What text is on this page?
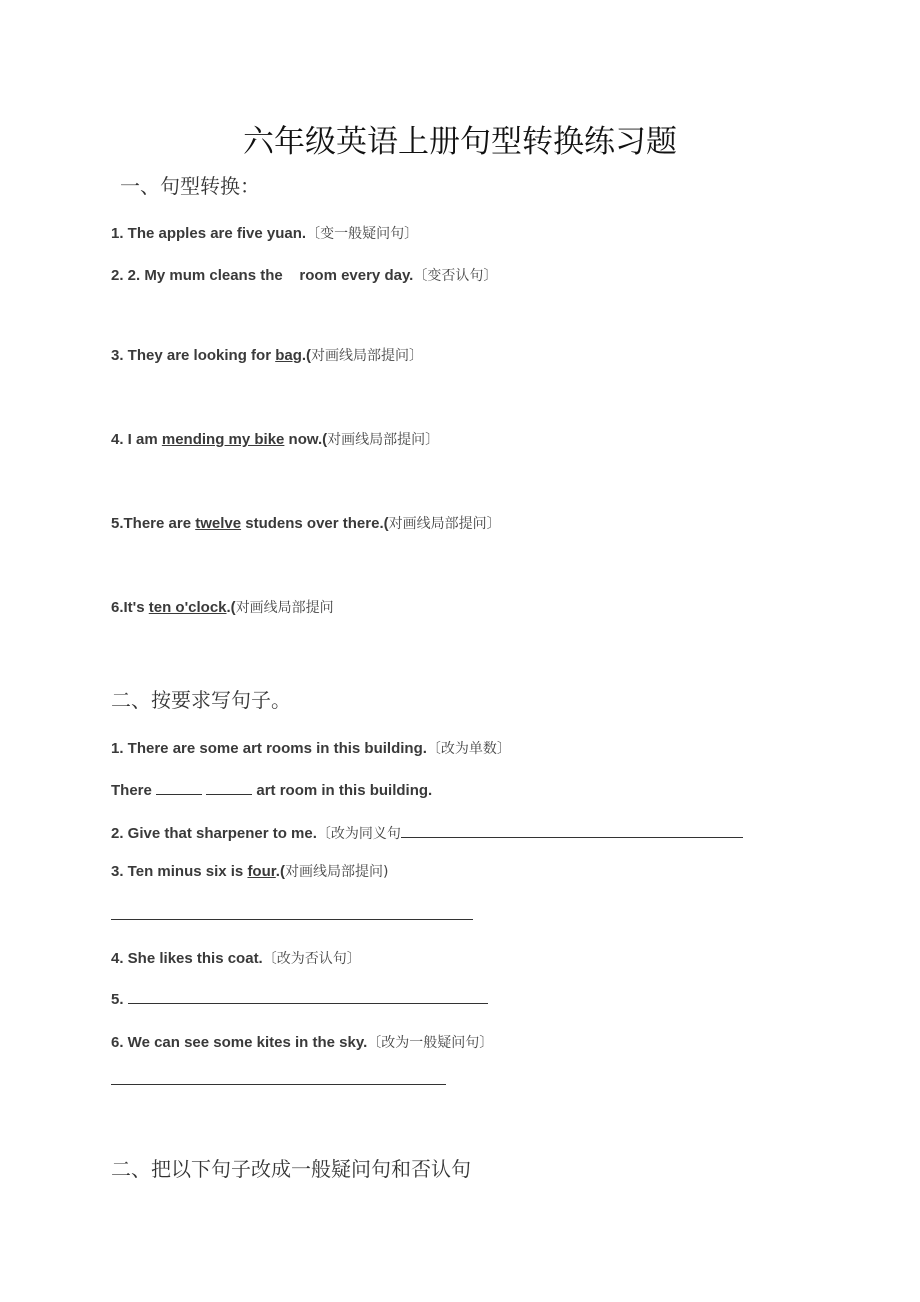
六年级英语上册句型转换练习题
一、句型转换：
1. The apples are five yuan.〔变一般疑问句〕
2. 2. My mum cleans the    room every day.〔变否认句〕
3. They are looking for bag.(对画线局部提问〕
4. I am mending my bike now.(对画线局部提问〕
5.There are twelve studens over there.(对画线局部提问〕
6.It's ten o'clock.(对画线局部提问
二、按要求写句子。
1. There are some art rooms in this building.〔改为单数〕
There	art room in this building.
2. Give that sharpener to me.〔改为同义句
3. Ten minus six is four.(对画线局部提问)
4. She likes this coat.〔改为否认句〕
5.
6. We can see some kites in the sky.〔改为一般疑问句〕
二、把以下句子改成一般疑问句和否认句
